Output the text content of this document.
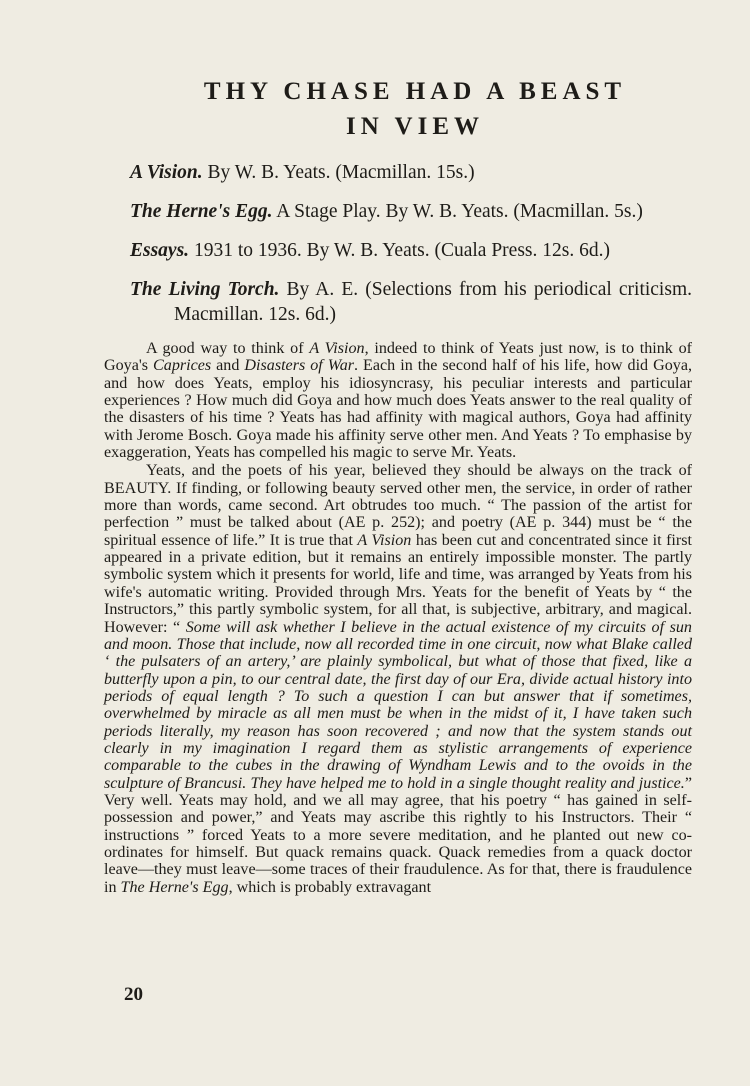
THY CHASE HAD A BEAST
IN VIEW

A Vision. By W. B. Yeats. (Macmillan. 15s.)

The Herne's Egg. A Stage Play. By W. B. Yeats. (Macmillan. 5s.)

Essays. 1931 to 1936. By W. B. Yeats. (Cuala Press. 12s. 6d.)

The Living Torch. By A. E. (Selections from his periodical criticism. Macmillan. 12s. 6d.)

A good way to think of A Vision, indeed to think of Yeats just now, is to think of Goya's Caprices and Disasters of War. Each in the second half of his life, how did Goya, and how does Yeats, employ his idiosyncrasy, his peculiar interests and particular experiences ? How much did Goya and how much does Yeats answer to the real quality of the disasters of his time ? Yeats has had affinity with magical authors, Goya had affinity with Jerome Bosch. Goya made his affinity serve other men. And Yeats ? To emphasise by exaggeration, Yeats has compelled his magic to serve Mr. Yeats.

Yeats, and the poets of his year, believed they should be always on the track of BEAUTY. If finding, or following beauty served other men, the service, in order of rather more than words, came second. Art obtrudes too much. “ The passion of the artist for perfection ” must be talked about (AE p. 252); and poetry (AE p. 344) must be “ the spiritual essence of life.” It is true that A Vision has been cut and concentrated since it first appeared in a private edition, but it remains an entirely impossible monster. The partly symbolic system which it presents for world, life and time, was arranged by Yeats from his wife's automatic writing. Provided through Mrs. Yeats for the benefit of Yeats by “ the Instructors,” this partly symbolic system, for all that, is subjective, arbitrary, and magical. However: “ Some will ask whether I believe in the actual existence of my circuits of sun and moon. Those that include, now all recorded time in one circuit, now what Blake called ‘ the pulsaters of an artery,’ are plainly symbolical, but what of those that fixed, like a butterfly upon a pin, to our central date, the first day of our Era, divide actual history into periods of equal length ? To such a question I can but answer that if sometimes, overwhelmed by miracle as all men must be when in the midst of it, I have taken such periods literally, my reason has soon recovered ; and now that the system stands out clearly in my imagination I regard them as stylistic arrangements of experience comparable to the cubes in the drawing of Wyndham Lewis and to the ovoids in the sculpture of Brancusi. They have helped me to hold in a single thought reality and justice.” Very well. Yeats may hold, and we all may agree, that his poetry “ has gained in self-possession and power,” and Yeats may ascribe this rightly to his Instructors. Their “ instructions ” forced Yeats to a more severe meditation, and he planted out new co-ordinates for himself. But quack remains quack. Quack remedies from a quack doctor leave—they must leave—some traces of their fraudulence. As for that, there is fraudulence in The Herne's Egg, which is probably extravagant

20
